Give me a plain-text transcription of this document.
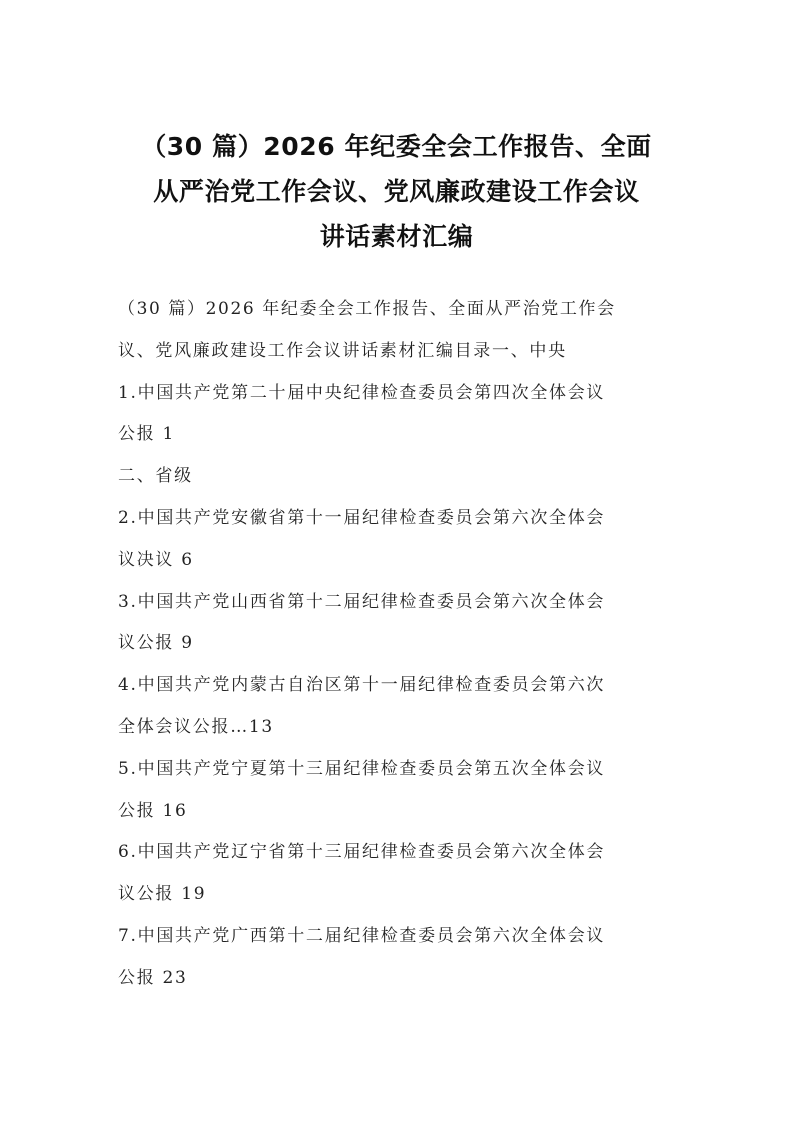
（30 篇）2026 年纪委全会工作报告、全面
从严治党工作会议、党风廉政建设工作会议
讲话素材汇编
（30 篇）2026 年纪委全会工作报告、全面从严治党工作会
议、党风廉政建设工作会议讲话素材汇编目录一、中央
1.中国共产党第二十届中央纪律检查委员会第四次全体会议
公报 1
二、省级
2.中国共产党安徽省第十一届纪律检查委员会第六次全体会
议决议 6
3.中国共产党山西省第十二届纪律检查委员会第六次全体会
议公报 9
4.中国共产党内蒙古自治区第十一届纪律检查委员会第六次
全体会议公报…13
5.中国共产党宁夏第十三届纪律检查委员会第五次全体会议
公报 16
6.中国共产党辽宁省第十三届纪律检查委员会第六次全体会
议公报 19
7.中国共产党广西第十二届纪律检查委员会第六次全体会议
公报 23
